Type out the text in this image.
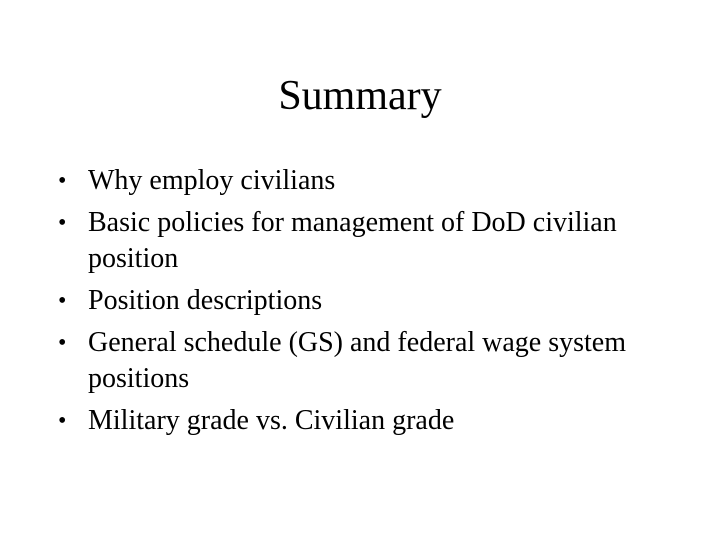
Summary
• Why employ civilians
• Basic policies for management of DoD civilian position
• Position descriptions
• General schedule (GS) and federal wage system positions
• Military grade vs. Civilian grade
